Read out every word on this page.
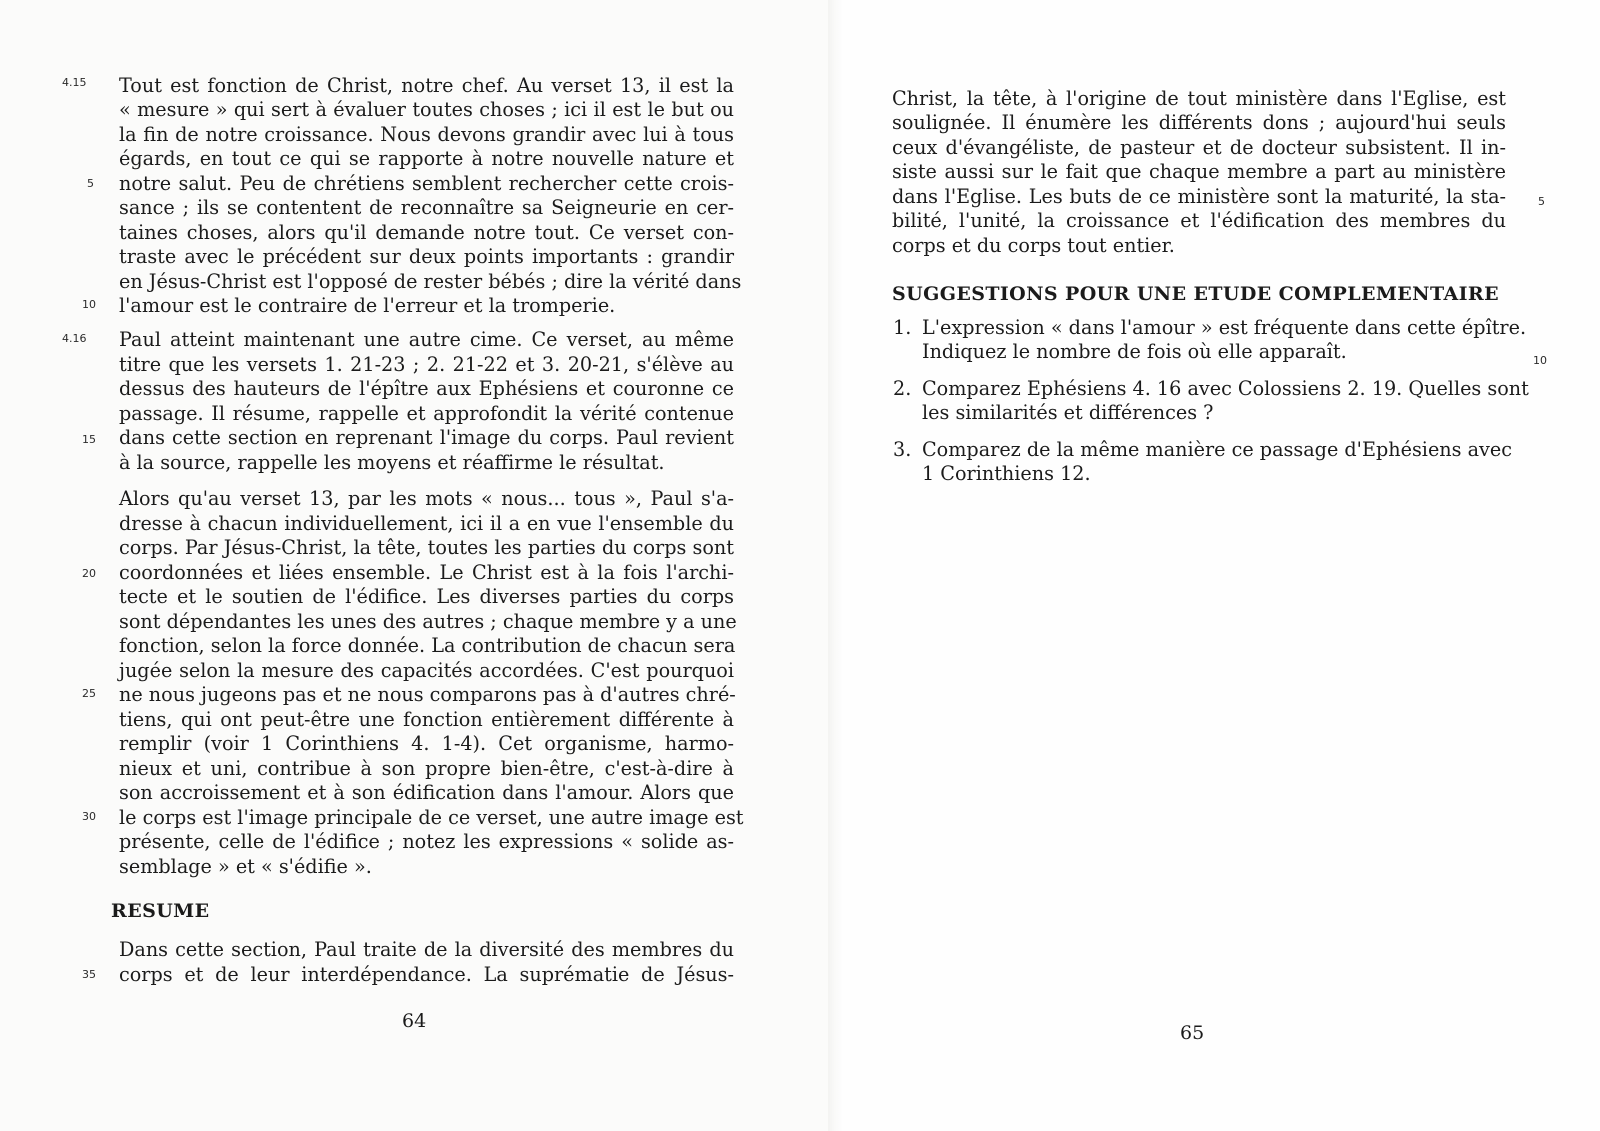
4.15
5
10
4.16
15
20
25
30
35
Tout est fonction de Christ, notre chef. Au verset 13, il est la
« mesure » qui sert à évaluer toutes choses ; ici il est le but ou
la fin de notre croissance. Nous devons grandir avec lui à tous
égards, en tout ce qui se rapporte à notre nouvelle nature et
notre salut. Peu de chrétiens semblent rechercher cette crois-
sance ; ils se contentent de reconnaître sa Seigneurie en cer-
taines choses, alors qu'il demande notre tout. Ce verset con-
traste avec le précédent sur deux points importants : grandir
en Jésus-Christ est l'opposé de rester bébés ; dire la vérité dans
l'amour est le contraire de l'erreur et la tromperie.
Paul atteint maintenant une autre cime. Ce verset, au même
titre que les versets 1. 21-23 ; 2. 21-22 et 3. 20-21, s'élève au
dessus des hauteurs de l'épître aux Ephésiens et couronne ce
passage. Il résume, rappelle et approfondit la vérité contenue
dans cette section en reprenant l'image du corps. Paul revient
à la source, rappelle les moyens et réaffirme le résultat.
Alors qu'au verset 13, par les mots « nous... tous », Paul s'a-
dresse à chacun individuellement, ici il a en vue l'ensemble du
corps. Par Jésus-Christ, la tête, toutes les parties du corps sont
coordonnées et liées ensemble. Le Christ est à la fois l'archi-
tecte et le soutien de l'édifice. Les diverses parties du corps
sont dépendantes les unes des autres ; chaque membre y a une
fonction, selon la force donnée. La contribution de chacun sera
jugée selon la mesure des capacités accordées. C'est pourquoi
ne nous jugeons pas et ne nous comparons pas à d'autres chré-
tiens, qui ont peut-être une fonction entièrement différente à
remplir (voir 1 Corinthiens 4. 1-4). Cet organisme, harmo-
nieux et uni, contribue à son propre bien-être, c'est-à-dire à
son accroissement et à son édification dans l'amour. Alors que
le corps est l'image principale de ce verset, une autre image est
présente, celle de l'édifice ; notez les expressions « solide as-
semblage » et « s'édifie ».
RESUME
Dans cette section, Paul traite de la diversité des membres du
corps et de leur interdépendance. La suprématie de Jésus-
64
Christ, la tête, à l'origine de tout ministère dans l'Eglise, est
soulignée. Il énumère les différents dons ; aujourd'hui seuls
ceux d'évangéliste, de pasteur et de docteur subsistent. Il in-
siste aussi sur le fait que chaque membre a part au ministère
dans l'Eglise. Les buts de ce ministère sont la maturité, la sta-
bilité, l'unité, la croissance et l'édification des membres du
corps et du corps tout entier.
5
10
SUGGESTIONS POUR UNE ETUDE COMPLEMENTAIRE
1. L'expression « dans l'amour » est fréquente dans cette épître.
Indiquez le nombre de fois où elle apparaît.
2. Comparez Ephésiens 4. 16 avec Colossiens 2. 19. Quelles sont
les similarités et différences ?
3. Comparez de la même manière ce passage d'Ephésiens avec
1 Corinthiens 12.
65
